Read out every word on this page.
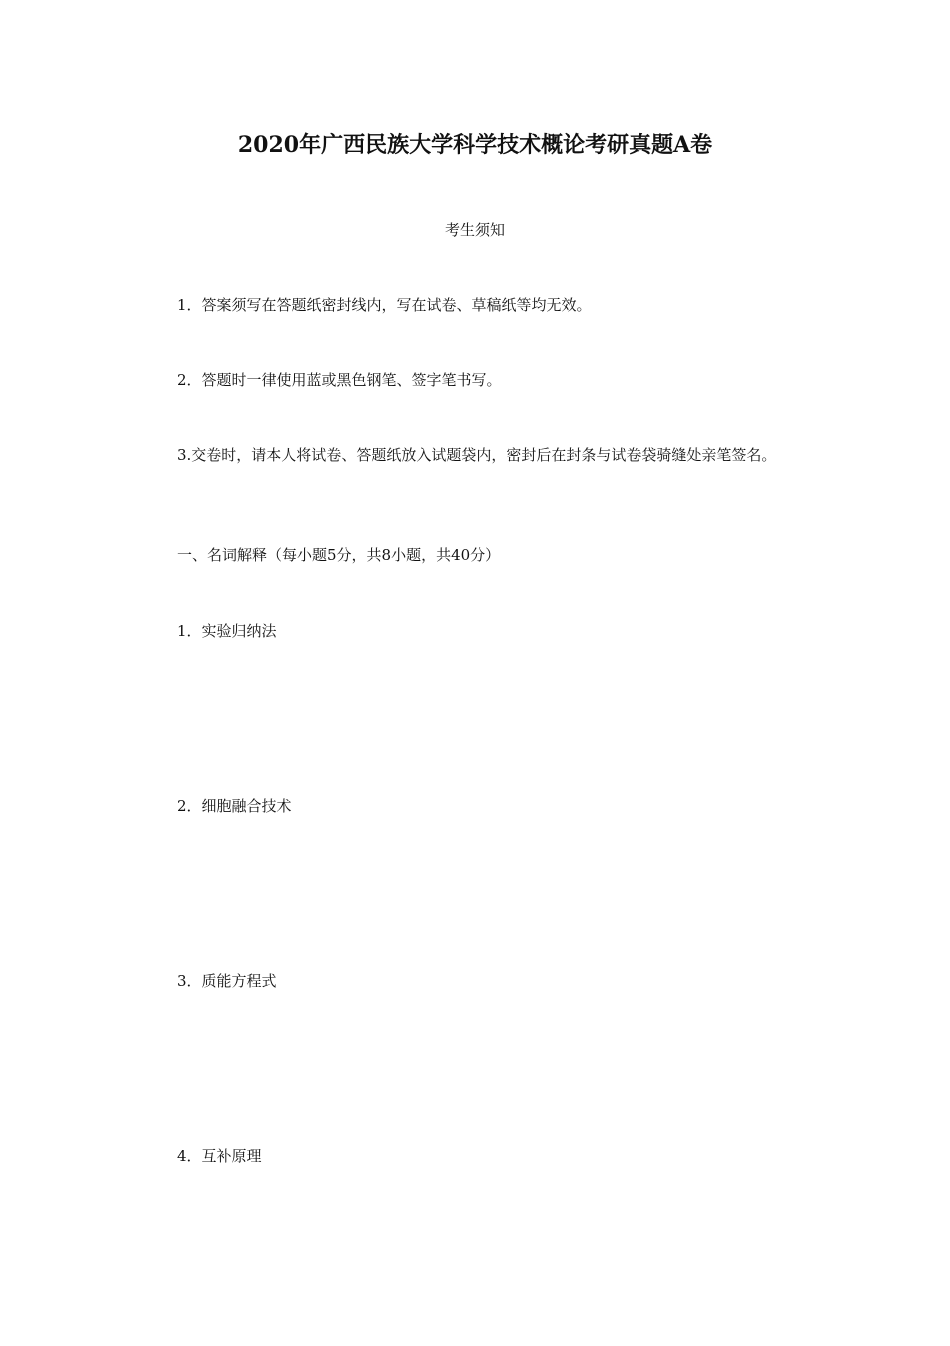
2020年广西民族大学科学技术概论考研真题A卷

考生须知

1．答案须写在答题纸密封线内，写在试卷、草稿纸等均无效。

2．答题时一律使用蓝或黑色钢笔、签字笔书写。

3.交卷时，请本人将试卷、答题纸放入试题袋内，密封后在封条与试卷袋骑缝处亲笔签名。

一、名词解释（每小题5分，共8小题，共40分）

1．实验归纳法

2．细胞融合技术

3．质能方程式

4．互补原理
